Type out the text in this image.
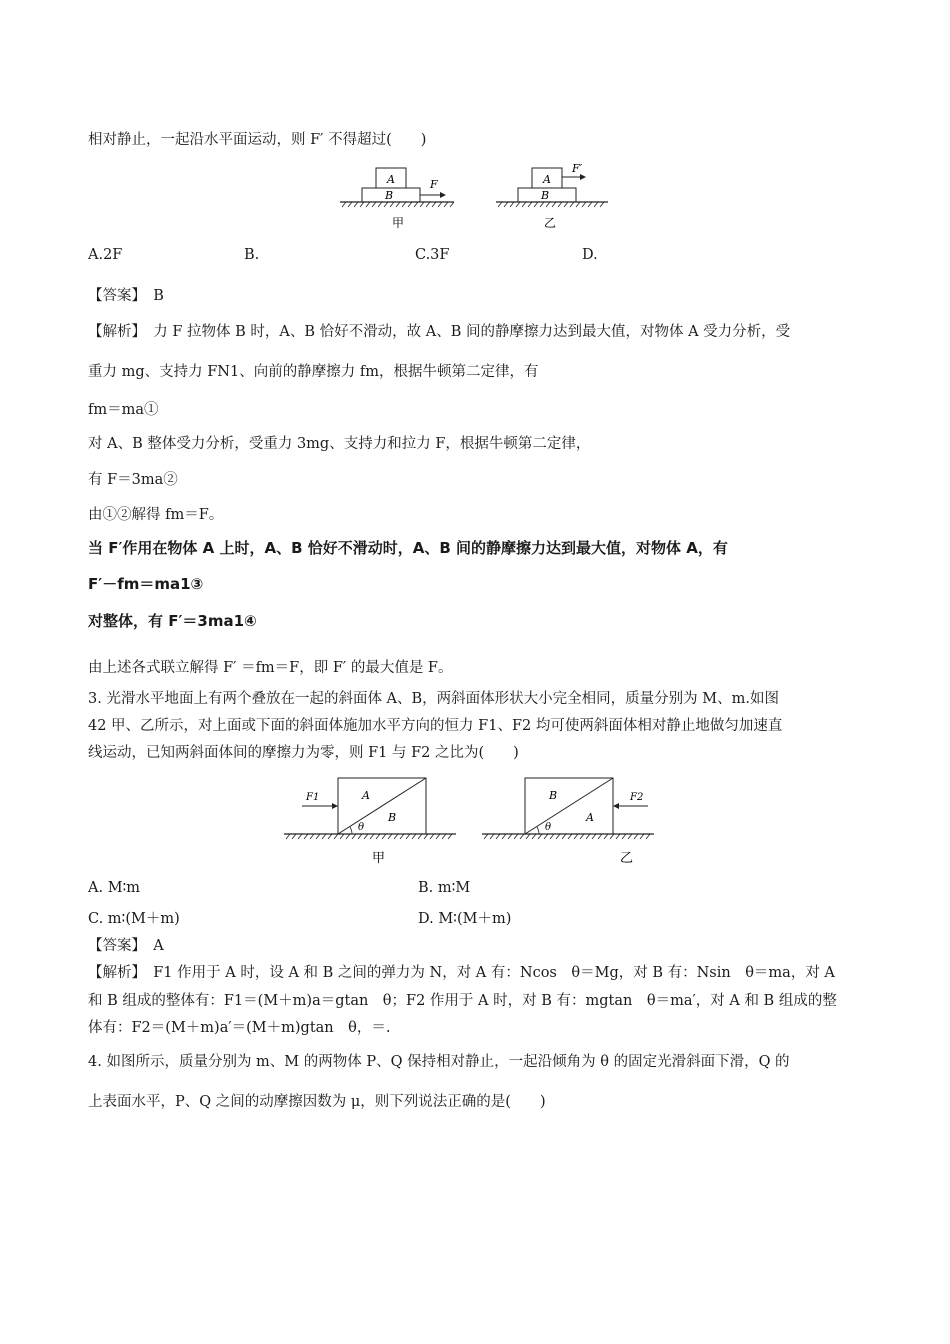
相对静止，一起沿水平面运动，则 F′ 不得超过(　　)
A
B
F
甲
A
B
F′
乙
A.2F	B.	C.3F	D.
【答案】　 B
【解析】　 力 F 拉物体 B 时，A、B 恰好不滑动，故 A、B 间的静摩擦力达到最大值，对物体 A 受力分析，受
重力 mg、支持力 FN1、向前的静摩擦力 fm，根据牛顿第二定律，有
fm＝ma①
对 A、B 整体受力分析，受重力 3mg、支持力和拉力 F，根据牛顿第二定律，
有 F＝3ma②
由①②解得 fm＝F。
当 F′作用在物体 A 上时，A、B 恰好不滑动时，A、B 间的静摩擦力达到最大值，对物体 A，有
F′－fm＝ma1③
对整体，有 F′＝3ma1④
由上述各式联立解得 F′ ＝fm＝F，即 F′ 的最大值是 F。
3. 光滑水平地面上有两个叠放在一起的斜面体 A、B，两斜面体形状大小完全相同，质量分别为 M、m.如图
42 甲、乙所示，对上面或下面的斜面体施加水平方向的恒力 F1、F2 均可使两斜面体相对静止地做匀加速直
线运动，已知两斜面体间的摩擦力为零，则 F1 与 F2 之比为(　　)
A
B
θ
F1
甲
B
A
θ
F2
乙
A. M∶m	B. m∶M
C. m∶(M＋m)	D. M∶(M＋m)
【答案】　 A
【解析】　 F1 作用于 A 时，设 A 和 B 之间的弹力为 N，对 A 有：Ncos　θ＝Mg，对 B 有：Nsin　θ＝ma，对 A
和 B 组成的整体有：F1＝(M＋m)a＝gtan　θ；F2 作用于 A 时，对 B 有：mgtan　θ＝ma′，对 A 和 B 组成的整
体有：F2＝(M＋m)a′＝(M＋m)gtan　θ，＝.
4. 如图所示，质量分别为 m、M 的两物体 P、Q 保持相对静止，一起沿倾角为 θ 的固定光滑斜面下滑，Q 的
上表面水平，P、Q 之间的动摩擦因数为 μ，则下列说法正确的是(　　)
